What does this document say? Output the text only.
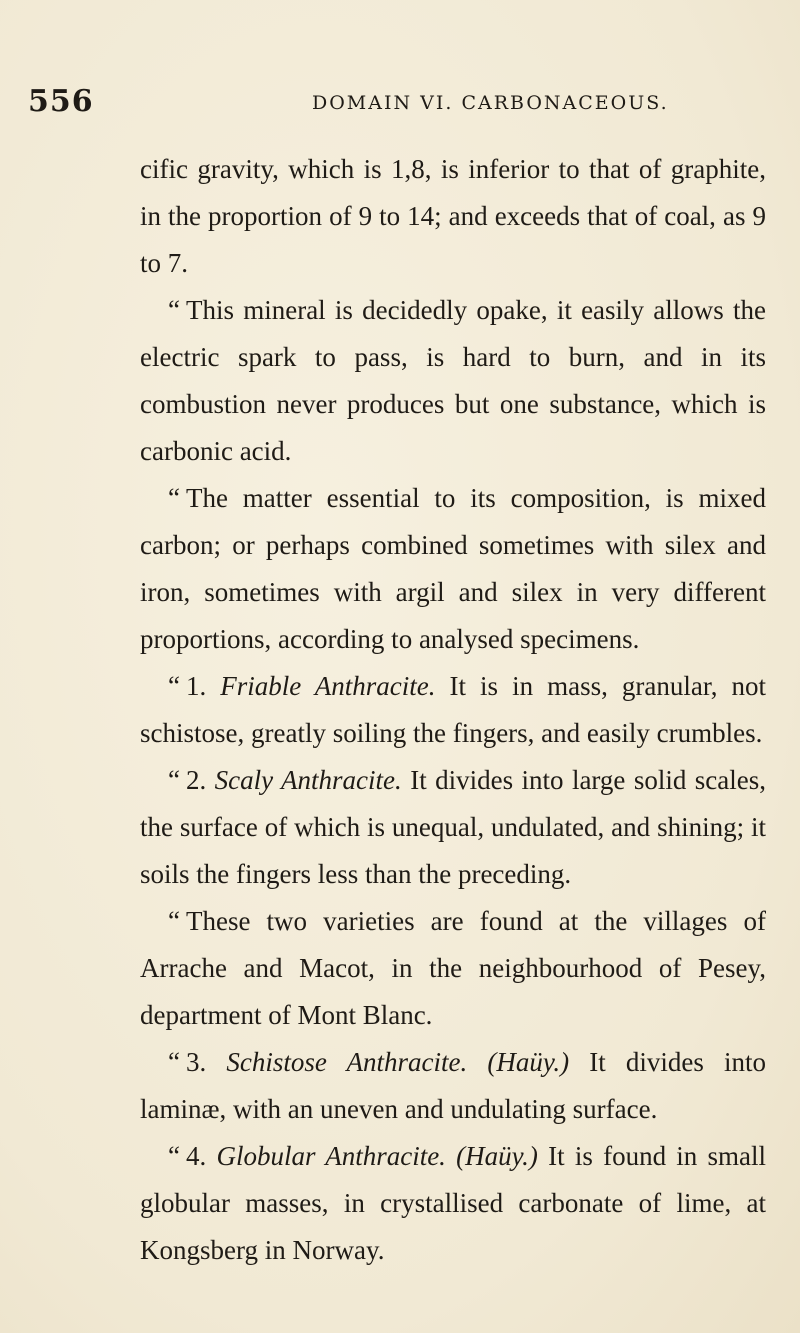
556	DOMAIN VI. CARBONACEOUS.

cific gravity, which is 1,8, is inferior to that of graphite, in the proportion of 9 to 14; and exceeds that of coal, as 9 to 7.

“ This mineral is decidedly opake, it easily allows the electric spark to pass, is hard to burn, and in its combustion never produces but one substance, which is carbonic acid.

“ The matter essential to its composition, is mixed carbon; or perhaps combined sometimes with silex and iron, sometimes with argil and silex in very different proportions, according to analysed specimens.

“ 1. Friable Anthracite. It is in mass, granular, not schistose, greatly soiling the fingers, and easily crumbles.

“ 2. Scaly Anthracite. It divides into large solid scales, the surface of which is unequal, undulated, and shining; it soils the fingers less than the preceding.

“ These two varieties are found at the villages of Arrache and Macot, in the neighbourhood of Pesey, department of Mont Blanc.

“ 3. Schistose Anthracite. (Haüy.) It divides into laminæ, with an uneven and undulating surface.

“ 4. Globular Anthracite. (Haüy.) It is found in small globular masses, in crystallised carbonate of lime, at Kongsberg in Norway.
